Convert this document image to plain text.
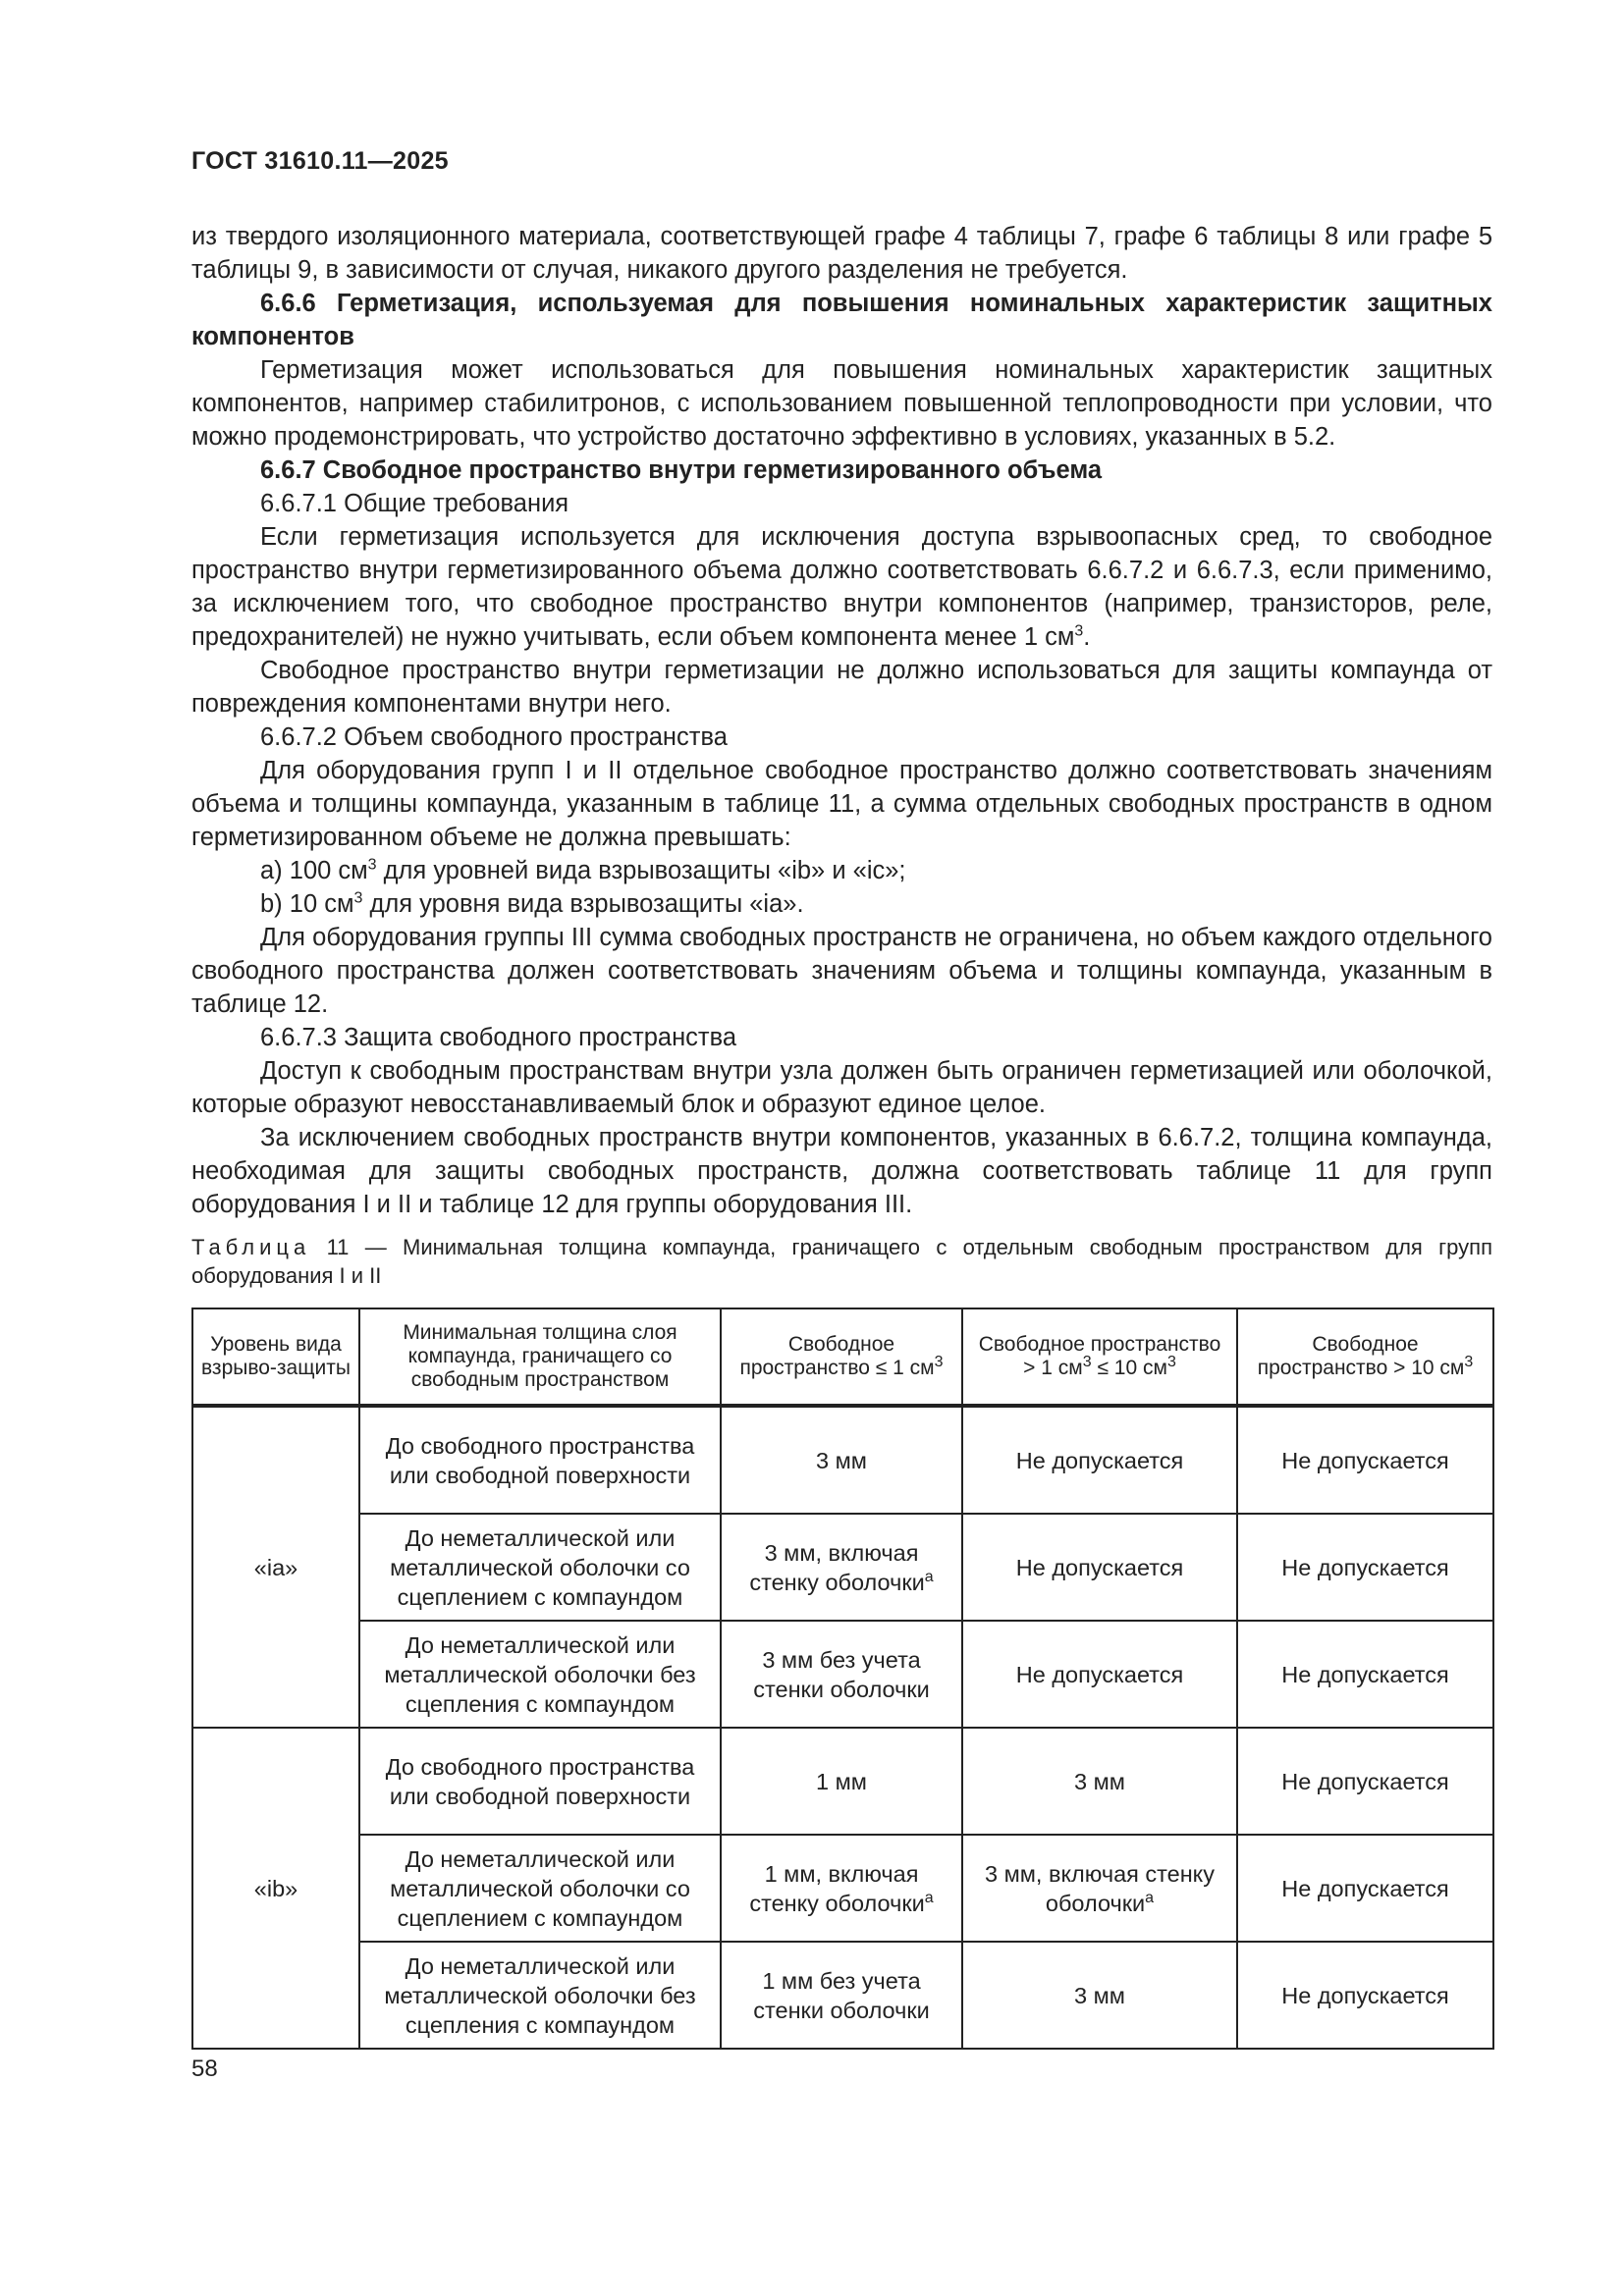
ГОСТ 31610.11—2025

из твердого изоляционного материала, соответствующей графе 4 таблицы 7, графе 6 таблицы 8 или графе 5 таблицы 9, в зависимости от случая, никакого другого разделения не требуется.

6.6.6 Герметизация, используемая для повышения номинальных характеристик защитных компонентов

Герметизация может использоваться для повышения номинальных характеристик защитных компонентов, например стабилитронов, с использованием повышенной теплопроводности при условии, что можно продемонстрировать, что устройство достаточно эффективно в условиях, указанных в 5.2.

6.6.7 Свободное пространство внутри герметизированного объема

6.6.7.1 Общие требования

Если герметизация используется для исключения доступа взрывоопасных сред, то свободное пространство внутри герметизированного объема должно соответствовать 6.6.7.2 и 6.6.7.3, если применимо, за исключением того, что свободное пространство внутри компонентов (например, транзисторов, реле, предохранителей) не нужно учитывать, если объем компонента менее 1 $см^3$.

Свободное пространство внутри герметизации не должно использоваться для защиты компаунда от повреждения компонентами внутри него.

6.6.7.2 Объем свободного пространства

Для оборудования групп I и II отдельное свободное пространство должно соответствовать значениям объема и толщины компаунда, указанным в таблице 11, а сумма отдельных свободных пространств в одном герметизированном объеме не должна превышать:

a) 100 $см^3$ для уровней вида взрывозащиты «ib» и «ic»;

b) 10 $см^3$ для уровня вида взрывозащиты «ia».

Для оборудования группы III сумма свободных пространств не ограничена, но объем каждого отдельного свободного пространства должен соответствовать значениям объема и толщины компаунда, указанным в таблице 12.

6.6.7.3 Защита свободного пространства

Доступ к свободным пространствам внутри узла должен быть ограничен герметизацией или оболочкой, которые образуют невосстанавливаемый блок и образуют единое целое.

За исключением свободных пространств внутри компонентов, указанных в 6.6.7.2, толщина компаунда, необходимая для защиты свободных пространств, должна соответствовать таблице 11 для групп оборудования I и II и таблице 12 для группы оборудования III.

Таблица 11 — Минимальная толщина компаунда, граничащего с отдельным свободным пространством для групп оборудования I и II
Уровень вида взрыво-защиты	Минимальная толщина слоя компаунда, граничащего со свободным пространством	Свободное пространство ≤ 1 $см^3$	Свободное пространство > 1 $см^3 \le 10$ $см^3$	Свободное пространство > 10 $см^3$
«ia»	До свободного пространства или свободной поверхности	3 мм	Не допускается	Не допускается
	До неметаллической или металлической оболочки со сцеплением с компаундом	3 мм, включая стенку оболочки$^a$	Не допускается	Не допускается
	До неметаллической или металлической оболочки без сцепления с компаундом	3 мм без учета стенки оболочки	Не допускается	Не допускается
«ib»	До свободного пространства или свободной поверхности	1 мм	3 мм	Не допускается
	До неметаллической или металлической оболочки со сцеплением с компаундом	1 мм, включая стенку оболочки$^a$	3 мм, включая стенку оболочки$^a$	Не допускается
	До неметаллической или металлической оболочки без сцепления с компаундом	1 мм без учета стенки оболочки	3 мм	Не допускается
58
